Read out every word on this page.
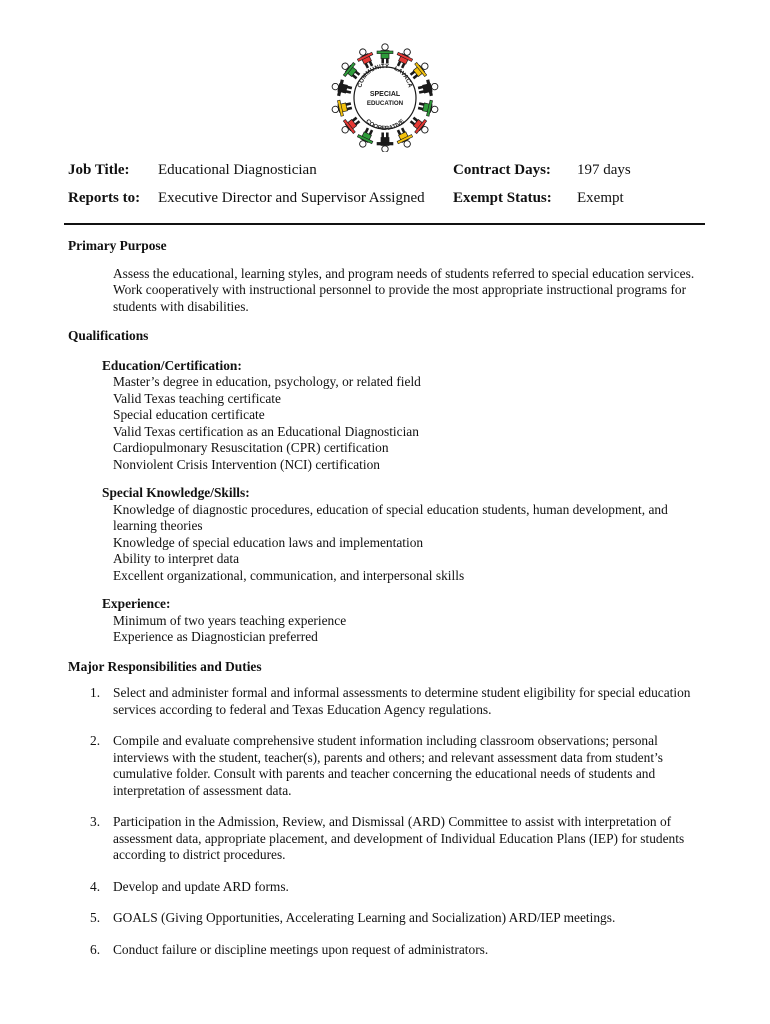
COMMUNITY - LAVACA
SPECIAL
EDUCATION
COOPERATIVE
Job Title: Educational Diagnostician	Contract Days: 197 days
Reports to: Executive Director and Supervisor Assigned Exempt Status: Exempt

Primary Purpose

Assess the educational, learning styles, and program needs of students referred to special education services. Work cooperatively with instructional personnel to provide the most appropriate instructional programs for students with disabilities.

Qualifications

Education/Certification:
Master’s degree in education, psychology, or related field
Valid Texas teaching certificate
Special education certificate
Valid Texas certification as an Educational Diagnostician
Cardiopulmonary Resuscitation (CPR) certification
Nonviolent Crisis Intervention (NCI) certification
Special Knowledge/Skills:
Knowledge of diagnostic procedures, education of special education students, human development, and learning theories
Knowledge of special education laws and implementation
Ability to interpret data
Excellent organizational, communication, and interpersonal skills
Experience:
Minimum of two years teaching experience
Experience as Diagnostician preferred

Major Responsibilities and Duties

1. Select and administer formal and informal assessments to determine student eligibility for special education services according to federal and Texas Education Agency regulations.
2. Compile and evaluate comprehensive student information including classroom observations; personal interviews with the student, teacher(s), parents and others; and relevant assessment data from student’s cumulative folder. Consult with parents and teacher concerning the educational needs of students and interpretation of assessment data.
3. Participation in the Admission, Review, and Dismissal (ARD) Committee to assist with interpretation of assessment data, appropriate placement, and development of Individual Education Plans (IEP) for students according to district procedures.
4. Develop and update ARD forms.
5. GOALS (Giving Opportunities, Accelerating Learning and Socialization) ARD/IEP meetings.
6. Conduct failure or discipline meetings upon request of administrators.
